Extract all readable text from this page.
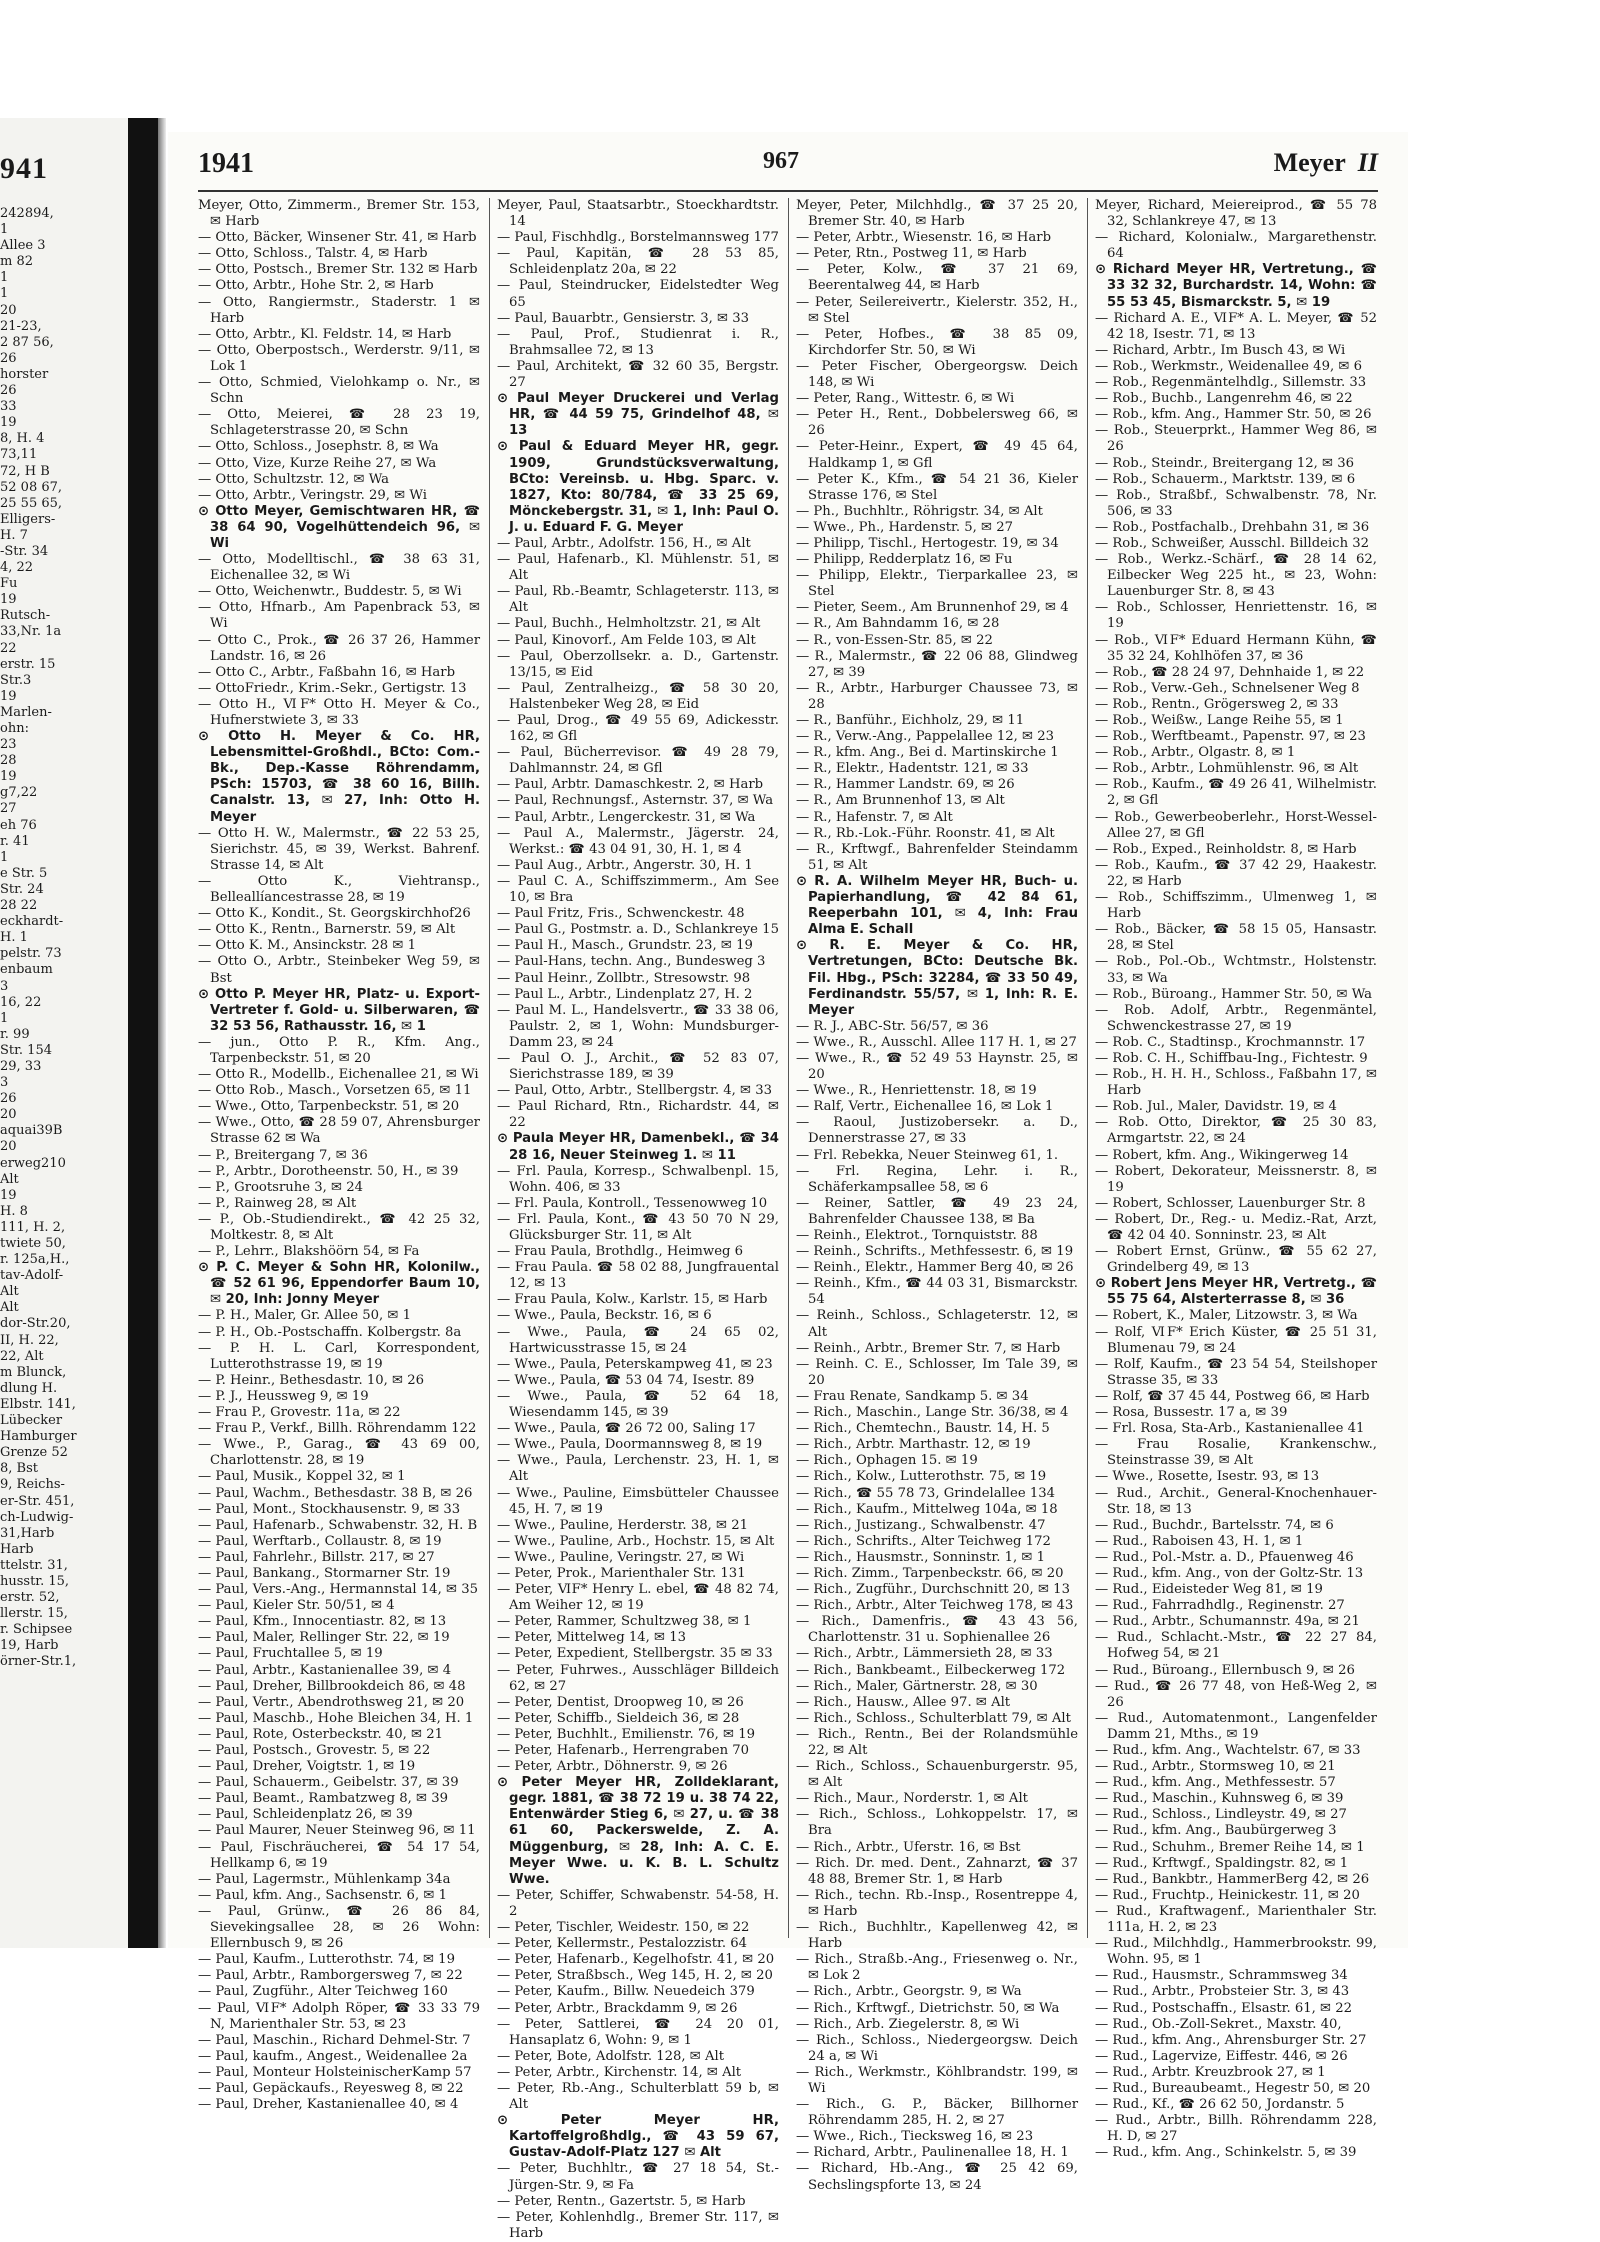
941
242894,
1
Allee 3
m 82
1
1
20
21-23,
2 87 56,
26
horster
26
33
19
8, H. 4
73,11
72, H B
52 08 67,
25 55 65,
Elligers-
H. 7
-Str. 34
4, 22
Fu
19
Rutsch-
33,Nr. 1a
22
erstr. 15
Str.3
19
Marlen-
ohn:
23
28
19
g7,22
27
eh 76
r. 41
1
e Str. 5
Str. 24
28 22
eckhardt-
H. 1
pelstr. 73
enbaum
3
16, 22
1
r. 99
Str. 154
29, 33
3
26
20
aquai39B
20
erweg210
Alt
19
H. 8
111, H. 2,
twiete 50,
r. 125a,H.,
tav-Adolf-
Alt
Alt
dor-Str.20,
II, H. 22,
22, Alt
m Blunck,
dlung H.
Elbstr. 141,
Lübecker
Hamburger
Grenze 52
8, Bst
9, Reichs-
er-Str. 451,
ch-Ludwig-
31,Harb
Harb
ttelstr. 31,
husstr. 15,
erstr. 52,
llerstr. 15,
r. Schipsee
19, Harb
örner-Str.1,
1941	967	Meyer II

Meyer, Otto, Zimmerm., Bremer Str. 153, ✉ Harb

— Otto, Bäcker, Winsener Str. 41, ✉ Harb

— Otto, Schloss., Talstr. 4, ✉ Harb

— Otto, Postsch., Bremer Str. 132 ✉ Harb

— Otto, Arbtr., Hohe Str. 2, ✉ Harb

— Otto, Rangiermstr., Staderstr. 1 ✉ Harb

— Otto, Arbtr., Kl. Feldstr. 14, ✉ Harb

— Otto, Oberpostsch., Werderstr. 9/11, ✉ Lok 1

— Otto, Schmied, Vielohkamp o. Nr., ✉ Schn

— Otto, Meierei, ☎ 28 23 19, Schlageterstrasse 20, ✉ Schn

— Otto, Schloss., Josephstr. 8, ✉ Wa

— Otto, Vize, Kurze Reihe 27, ✉ Wa

— Otto, Schultzstr. 12, ✉ Wa

— Otto, Arbtr., Veringstr. 29, ✉ Wi

⊙ Otto Meyer, Gemischtwaren HR, ☎ 38 64 90, Vogelhüttendeich 96, ✉ Wi

— Otto, Modelltischl., ☎ 38 63 31, Eichenallee 32, ✉ Wi

— Otto, Weichenwtr., Buddestr. 5, ✉ Wi

— Otto, Hfnarb., Am Papenbrack 53, ✉ Wi

— Otto C., Prok., ☎ 26 37 26, Hammer Landstr. 16, ✉ 26

— Otto C., Arbtr., Faßbahn 16, ✉ Harb

— OttoFriedr., Krim.-Sekr., Gertigstr. 13

— Otto H., ⅥF* Otto H. Meyer & Co., Hufnerstwiete 3, ✉ 33

⊙ Otto H. Meyer & Co. HR, Lebensmittel-Großhdl., BCto: Com.-Bk., Dep.-Kasse Röhrendamm, PSch: 15703, ☎ 38 60 16, Billh. Canalstr. 13, ✉ 27, Inh: Otto H. Meyer

— Otto H. W., Malermstr., ☎ 22 53 25, Sierichstr. 45, ✉ 39, Werkst. Bahrenf. Strasse 14, ✉ Alt

— Otto K., Viehtransp., Belleallíancestrasse 28, ✉ 19

— Otto K., Kondit., St. Georgskirchhof26

— Otto K., Rentn., Barnerstr. 59, ✉ Alt

— Otto K. M., Ansinckstr. 28 ✉ 1

— Otto O., Arbtr., Steinbeker Weg 59, ✉ Bst

⊙ Otto P. Meyer HR, Platz- u. Export-Vertreter f. Gold- u. Silberwaren, ☎ 32 53 56, Rathausstr. 16, ✉ 1

— jun., Otto P. R., Kfm. Ang., Tarpenbeckstr. 51, ✉ 20

— Otto R., Modellb., Eichenallee 21, ✉ Wi

— Otto Rob., Masch., Vorsetzen 65, ✉ 11

— Wwe., Otto, Tarpenbeckstr. 51, ✉ 20

— Wwe., Otto, ☎ 28 59 07, Ahrensburger Strasse 62 ✉ Wa

— P., Breitergang 7, ✉ 36

— P., Arbtr., Dorotheenstr. 50, H., ✉ 39

— P., Grootsruhe 3, ✉ 24

— P., Rainweg 28, ✉ Alt

— P., Ob.-Studiendirekt., ☎ 42 25 32, Moltkestr. 8, ✉ Alt

— P., Lehrr., Blakshöörn 54, ✉ Fa

⊙ P. C. Meyer & Sohn HR, Kolonilw., ☎ 52 61 96, Eppendorfer Baum 10, ✉ 20, Inh: Jonny Meyer

— P. H., Maler, Gr. Allee 50, ✉ 1

— P. H., Ob.-Postschaffn. Kolbergstr. 8a

— P. H. L. Carl, Korrespondent, Lutterothstrasse 19, ✉ 19

— P. Heinr., Bethesdastr. 10, ✉ 26

— P. J., Heussweg 9, ✉ 19

— Frau P., Grovestr. 11a, ✉ 22

— Frau P., Verkf., Billh. Röhrendamm 122

— Wwe., P., Garag., ☎ 43 69 00, Charlottenstr. 28, ✉ 19

— Paul, Musik., Koppel 32, ✉ 1

— Paul, Wachm., Bethesdastr. 38 B, ✉ 26

— Paul, Mont., Stockhausenstr. 9, ✉ 33

— Paul, Hafenarb., Schwabenstr. 32, H. B

— Paul, Werftarb., Collaustr. 8, ✉ 19

— Paul, Fahrlehr., Billstr. 217, ✉ 27

— Paul, Bankang., Stormarner Str. 19

— Paul, Vers.-Ang., Hermannstal 14, ✉ 35

— Paul, Kieler Str. 50/51, ✉ 4

— Paul, Kfm., Innocentiastr. 82, ✉ 13

— Paul, Maler, Rellinger Str. 22, ✉ 19

— Paul, Fruchtallee 5, ✉ 19

— Paul, Arbtr., Kastanienallee 39, ✉ 4

— Paul, Dreher, Billbrookdeich 86, ✉ 48

— Paul, Vertr., Abendrothsweg 21, ✉ 20

— Paul, Maschb., Hohe Bleichen 34, H. 1

— Paul, Rote, Osterbeckstr. 40, ✉ 21

— Paul, Postsch., Grovestr. 5, ✉ 22

— Paul, Dreher, Voigtstr. 1, ✉ 19

— Paul, Schauerm., Geibelstr. 37, ✉ 39

— Paul, Beamt., Rambatzweg 8, ✉ 39

— Paul, Schleidenplatz 26, ✉ 39

— Paul Maurer, Neuer Steinweg 96, ✉ 11

— Paul, Fischräucherei, ☎ 54 17 54, Hellkamp 6, ✉ 19

— Paul, Lagermstr., Mühlenkamp 34a

— Paul, kfm. Ang., Sachsenstr. 6, ✉ 1

— Paul, Grünw., ☎ 26 86 84, Sievekingsallee 28, ✉ 26 Wohn: Ellernbusch 9, ✉ 26

— Paul, Kaufm., Lutterothstr. 74, ✉ 19

— Paul, Arbtr., Ramborgersweg 7, ✉ 22

— Paul, Zugführ., Alter Teichweg 160

— Paul, ⅥF* Adolph Röper, ☎ 33 33 79 N, Marienthaler Str. 53, ✉ 23

— Paul, Maschin., Richard Dehmel-Str. 7

— Paul, kaufm., Angest., Weidenallee 2a

— Paul, Monteur HolsteinischerKamp 57

— Paul, Gepäckaufs., Reyesweg 8, ✉ 22

— Paul, Dreher, Kastanienallee 40, ✉ 4

Meyer, Paul, Staatsarbtr., Stoeckhardtstr. 14

— Paul, Fischhdlg., Borstelmannsweg 177

— Paul, Kapitän, ☎ 28 53 85, Schleidenplatz 20a, ✉ 22

— Paul, Steindrucker, Eidelstedter Weg 65

— Paul, Bauarbtr., Gensierstr. 3, ✉ 33

— Paul, Prof., Studienrat i. R., Brahmsallee 72, ✉ 13

— Paul, Architekt, ☎ 32 60 35, Bergstr. 27

⊙ Paul Meyer Druckerei und Verlag HR, ☎ 44 59 75, Grindelhof 48, ✉ 13

⊙ Paul & Eduard Meyer HR, gegr. 1909, Grundstücksverwaltung, BCto: Vereinsb. u. Hbg. Sparc. v. 1827, Kto: 80/784, ☎ 33 25 69, Mönckebergstr. 31, ✉ 1, Inh: Paul O. J. u. Eduard F. G. Meyer

— Paul, Arbtr., Adolfstr. 156, H., ✉ Alt

— Paul, Hafenarb., Kl. Mühlenstr. 51, ✉ Alt

— Paul, Rb.-Beamtr, Schlageterstr. 113, ✉ Alt

— Paul, Buchh., Helmholtzstr. 21, ✉ Alt

— Paul, Kinovorf., Am Felde 103, ✉ Alt

— Paul, Oberzollsekr. a. D., Gartenstr. 13/15, ✉ Eid

— Paul, Zentralheizg., ☎ 58 30 20, Halstenbeker Weg 28, ✉ Eid

— Paul, Drog., ☎ 49 55 69, Adickesstr. 162, ✉ Gfl

— Paul, Bücherrevisor. ☎ 49 28 79, Dahlmannstr. 24, ✉ Gfl

— Paul, Arbtr. Damaschkestr. 2, ✉ Harb

— Paul, Rechnungsf., Asternstr. 37, ✉ Wa

— Paul, Arbtr., Lengerckestr. 31, ✉ Wa

— Paul A., Malermstr., Jägerstr. 24, Werkst.: ☎ 43 04 91, 30, H. 1, ✉ 4

— Paul Aug., Arbtr., Angerstr. 30, H. 1

— Paul C. A., Schiffszimmerm., Am See 10, ✉ Bra

— Paul Fritz, Fris., Schwenckestr. 48

— Paul G., Postmstr. a. D., Schlankreye 15

— Paul H., Masch., Grundstr. 23, ✉ 19

— Paul-Hans, techn. Ang., Bundesweg 3

— Paul Heinr., Zollbtr., Stresowstr. 98

— Paul L., Arbtr., Lindenplatz 27, H. 2

— Paul M. L., Handelsvertr., ☎ 33 38 06, Paulstr. 2, ✉ 1, Wohn: Mundsburger-Damm 23, ✉ 24

— Paul O. J., Archit., ☎ 52 83 07, Sierichstrasse 189, ✉ 39

— Paul, Otto, Arbtr., Stellbergstr. 4, ✉ 33

— Paul Richard, Rtn., Richardstr. 44, ✉ 22

⊙ Paula Meyer HR, Damenbekl., ☎ 34 28 16, Neuer Steinweg 1. ✉ 11

— Frl. Paula, Korresp., Schwalbenpl. 15, Wohn. 406, ✉ 33

— Frl. Paula, Kontroll., Tessenowweg 10

— Frl. Paula, Kont., ☎ 43 50 70 N 29, Glücksburger Str. 11, ✉ Alt

— Frau Paula, Brothdlg., Heimweg 6

— Frau Paula. ☎ 58 02 88, Jungfrauental 12, ✉ 13

— Frau Paula, Kolw., Karlstr. 15, ✉ Harb

— Wwe., Paula, Beckstr. 16, ✉ 6

— Wwe., Paula, ☎ 24 65 02, Hartwicusstrasse 15, ✉ 24

— Wwe., Paula, Peterskampweg 41, ✉ 23

— Wwe., Paula, ☎ 53 04 74, Isestr. 89

— Wwe., Paula, ☎ 52 64 18, Wiesendamm 145, ✉ 39

— Wwe., Paula, ☎ 26 72 00, Saling 17

— Wwe., Paula, Doormannsweg 8, ✉ 19

— Wwe., Paula, Lerchenstr. 23, H. 1, ✉ Alt

— Wwe., Pauline, Eimsbütteler Chaussee 45, H. 7, ✉ 19

— Wwe., Pauline, Herderstr. 38, ✉ 21

— Wwe., Pauline, Arb., Hochstr. 15, ✉ Alt

— Wwe., Pauline, Veringstr. 27, ✉ Wi

— Peter, Prok., Marienthaler Str. 131

— Peter, ⅥF* Henry L. ebel, ☎ 48 82 74, Am Weiher 12, ✉ 19

— Peter, Rammer, Schultzweg 38, ✉ 1

— Peter, Mittelweg 14, ✉ 13

— Peter, Expedient, Stellbergstr. 35 ✉ 33

— Peter, Fuhrwes., Ausschläger Billdeich 62, ✉ 27

— Peter, Dentist, Droopweg 10, ✉ 26

— Peter, Schiffb., Sieldeich 36, ✉ 28

— Peter, Buchhlt., Emilienstr. 76, ✉ 19

— Peter, Hafenarb., Herrengraben 70

— Peter, Arbtr., Döhnerstr. 9, ✉ 26

⊙ Peter Meyer HR, Zolldeklarant, gegr. 1881, ☎ 38 72 19 u. 38 74 22, Entenwärder Stieg 6, ✉ 27, u. ☎ 38 61 60, Packerswelde, Z. A. Müggenburg, ✉ 28, Inh: A. C. E. Meyer Wwe. u. K. B. L. Schultz Wwe.

— Peter, Schiffer, Schwabenstr. 54-58, H. 2

— Peter, Tischler, Weidestr. 150, ✉ 22

— Peter, Kellermstr., Pestalozzistr. 64

— Peter, Hafenarb., Kegelhofstr. 41, ✉ 20

— Peter, Straßbsch., Weg 145, H. 2, ✉ 20

— Peter, Kaufm., Billw. Neuedeich 379

— Peter, Arbtr., Brackdamm 9, ✉ 26

— Peter, Sattlerei, ☎ 24 20 01, Hansaplatz 6, Wohn: 9, ✉ 1

— Peter, Bote, Adolfstr. 128, ✉ Alt

— Peter, Arbtr., Kirchenstr. 14, ✉ Alt

— Peter, Rb.-Ang., Schulterblatt 59 b, ✉ Alt

⊙ Peter Meyer HR, Kartoffelgroßhdlg., ☎ 43 59 67, Gustav-Adolf-Platz 127 ✉ Alt

— Peter, Buchhltr., ☎ 27 18 54, St.-Jürgen-Str. 9, ✉ Fa

— Peter, Rentn., Gazertstr. 5, ✉ Harb

— Peter, Kohlenhdlg., Bremer Str. 117, ✉ Harb

Meyer, Peter, Milchhdlg., ☎ 37 25 20, Bremer Str. 40, ✉ Harb

— Peter, Arbtr., Wiesenstr. 16, ✉ Harb

— Peter, Rtn., Postweg 11, ✉ Harb

— Peter, Kolw., ☎ 37 21 69, Beerentalweg 44, ✉ Harb

— Peter, Seilereivertr., Kielerstr. 352, H., ✉ Stel

— Peter, Hofbes., ☎ 38 85 09, Kirchdorfer Str. 50, ✉ Wi

— Peter Fischer, Obergeorgsw. Deich 148, ✉ Wi

— Peter, Rang., Wittestr. 6, ✉ Wi

— Peter H., Rent., Dobbelersweg 66, ✉ 26

— Peter-Heinr., Expert, ☎ 49 45 64, Haldkamp 1, ✉ Gfl

— Peter K., Kfm., ☎ 54 21 36, Kieler Strasse 176, ✉ Stel

— Ph., Buchhltr., Röhrigstr. 34, ✉ Alt

— Wwe., Ph., Hardenstr. 5, ✉ 27

— Philipp, Tischl., Hertogestr. 19, ✉ 34

— Philipp, Redderplatz 16, ✉ Fu

— Philipp, Elektr., Tierparkallee 23, ✉ Stel

— Pieter, Seem., Am Brunnenhof 29, ✉ 4

— R., Am Bahndamm 16, ✉ 28

— R., von-Essen-Str. 85, ✉ 22

— R., Malermstr., ☎ 22 06 88, Glindweg 27, ✉ 39

— R., Arbtr., Harburger Chaussee 73, ✉ 28

— R., Banführ., Eichholz, 29, ✉ 11

— R., Verw.-Ang., Pappelallee 12, ✉ 23

— R., kfm. Ang., Bei d. Martinskirche 1

— R., Elektr., Hadentstr. 121, ✉ 33

— R., Hammer Landstr. 69, ✉ 26

— R., Am Brunnenhof 13, ✉ Alt

— R., Hafenstr. 7, ✉ Alt

— R., Rb.-Lok.-Führ. Roonstr. 41, ✉ Alt

— R., Krftwgf., Bahrenfelder Steindamm 51, ✉ Alt

⊙ R. A. Wilhelm Meyer HR, Buch- u. Papierhandlung, ☎ 42 84 61, Reeperbahn 101, ✉ 4, Inh: Frau Alma E. Schall

⊙ R. E. Meyer & Co. HR, Vertretungen, BCto: Deutsche Bk. Fil. Hbg., PSch: 32284, ☎ 33 50 49, Ferdinandstr. 55/57, ✉ 1, Inh: R. E. Meyer

— R. J., ABC-Str. 56/57, ✉ 36

— Wwe., R., Ausschl. Allee 117 H. 1, ✉ 27

— Wwe., R., ☎ 52 49 53 Haynstr. 25, ✉ 20

— Wwe., R., Henriettenstr. 18, ✉ 19

— Ralf, Vertr., Eichenallee 16, ✉ Lok 1

— Raoul, Justizobersekr. a. D., Dennerstrasse 27, ✉ 33

— Frl. Rebekka, Neuer Steinweg 61, 1.

— Frl. Regina, Lehr. i. R., Schäferkampsallee 58, ✉ 6

— Reiner, Sattler, ☎ 49 23 24, Bahrenfelder Chaussee 138, ✉ Ba

— Reinh., Elektrot., Tornquiststr. 88

— Reinh., Schrifts., Methfessestr. 6, ✉ 19

— Reinh., Elektr., Hammer Berg 40, ✉ 26

— Reinh., Kfm., ☎ 44 03 31, Bismarckstr. 54

— Reinh., Schloss., Schlageterstr. 12, ✉ Alt

— Reinh., Arbtr., Bremer Str. 7, ✉ Harb

— Reinh. C. E., Schlosser, Im Tale 39, ✉ 20

— Frau Renate, Sandkamp 5. ✉ 34

— Rich., Maschin., Lange Str. 36/38, ✉ 4

— Rich., Chemtechn., Baustr. 14, H. 5

— Rich., Arbtr. Marthastr. 12, ✉ 19

— Rich., Ophagen 15. ✉ 19

— Rich., Kolw., Lutterothstr. 75, ✉ 19

— Rich., ☎ 55 78 73, Grindelallee 134

— Rich., Kaufm., Mittelweg 104a, ✉ 18

— Rich., Justizang., Schwalbenstr. 47

— Rich., Schrifts., Alter Teichweg 172

— Rich., Hausmstr., Sonninstr. 1, ✉ 1

— Rich. Zimm., Tarpenbeckstr. 66, ✉ 20

— Rich., Zugführ., Durchschnitt 20, ✉ 13

— Rich., Arbtr., Alter Teichweg 178, ✉ 43

— Rich., Damenfris., ☎ 43 43 56, Charlottenstr. 31 u. Sophienallee 26

— Rich., Arbtr., Lämmersieth 28, ✉ 33

— Rich., Bankbeamt., Eilbeckerweg 172

— Rich., Maler, Gärtnerstr. 28, ✉ 30

— Rich., Hausw., Allee 97. ✉ Alt

— Rich., Schloss., Schulterblatt 79, ✉ Alt

— Rich., Rentn., Bei der Rolandsmühle 22, ✉ Alt

— Rich., Schloss., Schauenburgerstr. 95, ✉ Alt

— Rich., Maur., Norderstr. 1, ✉ Alt

— Rich., Schloss., Lohkoppelstr. 17, ✉ Bra

— Rich., Arbtr., Uferstr. 16, ✉ Bst

— Rich. Dr. med. Dent., Zahnarzt, ☎ 37 48 88, Bremer Str. 1, ✉ Harb

— Rich., techn. Rb.-Insp., Rosentreppe 4, ✉ Harb

— Rich., Buchhltr., Kapellenweg 42, ✉ Harb

— Rich., Straßb.-Ang., Friesenweg o. Nr., ✉ Lok 2

— Rich., Arbtr., Georgstr. 9, ✉ Wa

— Rich., Krftwgf., Dietrichstr. 50, ✉ Wa

— Rich., Arb. Ziegelerstr. 8, ✉ Wi

— Rich., Schloss., Niedergeorgsw. Deich 24 a, ✉ Wi

— Rich., Werkmstr., Köhlbrandstr. 199, ✉ Wi

— Rich., G. P., Bäcker, Billhorner Röhrendamm 285, H. 2, ✉ 27

— Wwe., Rich., Tiecksweg 16, ✉ 23

— Richard, Arbtr., Paulinenallee 18, H. 1

— Richard, Hb.-Ang., ☎ 25 42 69, Sechslingspforte 13, ✉ 24

Meyer, Richard, Meiereiprod., ☎ 55 78 32, Schlankreye 47, ✉ 13

— Richard, Kolonialw., Margarethenstr. 64

⊙ Richard Meyer HR, Vertretung., ☎ 33 32 32, Burchardstr. 14, Wohn: ☎ 55 53 45, Bismarckstr. 5, ✉ 19

— Richard A. E., ⅥF* A. L. Meyer, ☎ 52 42 18, Isestr. 71, ✉ 13

— Richard, Arbtr., Im Busch 43, ✉ Wi

— Rob., Werkmstr., Weidenallee 49, ✉ 6

— Rob., Regenmäntelhdlg., Sillemstr. 33

— Rob., Buchb., Langenrehm 46, ✉ 22

— Rob., kfm. Ang., Hammer Str. 50, ✉ 26

— Rob., Steuerprkt., Hammer Weg 86, ✉ 26

— Rob., Steindr., Breitergang 12, ✉ 36

— Rob., Schauerm., Marktstr. 139, ✉ 6

— Rob., Straßbf., Schwalbenstr. 78, Nr. 506, ✉ 33

— Rob., Postfachalb., Drehbahn 31, ✉ 36

— Rob., Schweißer, Ausschl. Billdeich 32

— Rob., Werkz.-Schärf., ☎ 28 14 62, Eilbecker Weg 225 ht., ✉ 23, Wohn: Lauenburger Str. 8, ✉ 43

— Rob., Schlosser, Henriettenstr. 16, ✉ 19

— Rob., ⅥF* Eduard Hermann Kühn, ☎ 35 32 24, Kohlhöfen 37, ✉ 36

— Rob., ☎ 28 24 97, Dehnhaide 1, ✉ 22

— Rob., Verw.-Geh., Schnelsener Weg 8

— Rob., Rentn., Grögersweg 2, ✉ 33

— Rob., Weißw., Lange Reihe 55, ✉ 1

— Rob., Werftbeamt., Papenstr. 97, ✉ 23

— Rob., Arbtr., Olgastr. 8, ✉ 1

— Rob., Arbtr., Lohmühlenstr. 96, ✉ Alt

— Rob., Kaufm., ☎ 49 26 41, Wilhelmistr. 2, ✉ Gfl

— Rob., Gewerbeoberlehr., Horst-Wessel-Allee 27, ✉ Gfl

— Rob., Exped., Reinholdstr. 8, ✉ Harb

— Rob., Kaufm., ☎ 37 42 29, Haakestr. 22, ✉ Harb

— Rob., Schiffszimm., Ulmenweg 1, ✉ Harb

— Rob., Bäcker, ☎ 58 15 05, Hansastr. 28, ✉ Stel

— Rob., Pol.-Ob., Wchtmstr., Holstenstr. 33, ✉ Wa

— Rob., Büroang., Hammer Str. 50, ✉ Wa

— Rob. Adolf, Arbtr., Regenmäntel, Schwenckestrasse 27, ✉ 19

— Rob. C., Stadtinsp., Krochmannstr. 17

— Rob. C. H., Schiffbau-Ing., Fichtestr. 9

— Rob., H. H. H., Schloss., Faßbahn 17, ✉ Harb

— Rob. Jul., Maler, Davidstr. 19, ✉ 4

— Rob. Otto, Direktor, ☎ 25 30 83, Armgartstr. 22, ✉ 24

— Robert, kfm. Ang., Wikingerweg 14

— Robert, Dekorateur, Meissnerstr. 8, ✉ 19

— Robert, Schlosser, Lauenburger Str. 8

— Robert, Dr., Reg.- u. Mediz.-Rat, Arzt, ☎ 42 04 40. Sonninstr. 23, ✉ Alt

— Robert Ernst, Grünw., ☎ 55 62 27, Grindelberg 49, ✉ 13

⊙ Robert Jens Meyer HR, Vertretg., ☎ 55 75 64, Alsterterrasse 8, ✉ 36

— Robert, K., Maler, Litzowstr. 3, ✉ Wa

— Rolf, ⅥF* Erich Küster, ☎ 25 51 31, Blumenau 79, ✉ 24

— Rolf, Kaufm., ☎ 23 54 54, Steilshoper Strasse 35, ✉ 33

— Rolf, ☎ 37 45 44, Postweg 66, ✉ Harb

— Rosa, Bussestr. 17 a, ✉ 39

— Frl. Rosa, Sta-Arb., Kastanienallee 41

— Frau Rosalie, Krankenschw., Steinstrasse 39, ✉ Alt

— Wwe., Rosette, Isestr. 93, ✉ 13

— Rud., Archit., General-Knochenhauer-Str. 18, ✉ 13

— Rud., Buchdr., Bartelsstr. 74, ✉ 6

— Rud., Raboisen 43, H. 1, ✉ 1

— Rud., Pol.-Mstr. a. D., Pfauenweg 46

— Rud., kfm. Ang., von der Goltz-Str. 13

— Rud., Eideisteder Weg 81, ✉ 19

— Rud., Fahrradhdlg., Reginenstr. 27

— Rud., Arbtr., Schumannstr. 49a, ✉ 21

— Rud., Schlacht.-Mstr., ☎ 22 27 84, Hofweg 54, ✉ 21

— Rud., Büroang., Ellernbusch 9, ✉ 26

— Rud., ☎ 26 77 48, von Heß-Weg 2, ✉ 26

— Rud., Automatenmont., Langenfelder Damm 21, Mths., ✉ 19

— Rud., kfm. Ang., Wachtelstr. 67, ✉ 33

— Rud., Arbtr., Stormsweg 10, ✉ 21

— Rud., kfm. Ang., Methfessestr. 57

— Rud., Maschin., Kuhnsweg 6, ✉ 39

— Rud., Schloss., Lindleystr. 49, ✉ 27

— Rud., kfm. Ang., Baubürgerweg 3

— Rud., Schuhm., Bremer Reihe 14, ✉ 1

— Rud., Krftwgf., Spaldingstr. 82, ✉ 1

— Rud., Bankbtr., HammerBerg 42, ✉ 26

— Rud., Fruchtp., Heinickestr. 11, ✉ 20

— Rud., Kraftwagenf., Marienthaler Str. 111a, H. 2, ✉ 23

— Rud., Milchhdlg., Hammerbrookstr. 99, Wohn. 95, ✉ 1

— Rud., Hausmstr., Schrammsweg 34

— Rud., Arbtr., Probsteier Str. 3, ✉ 43

— Rud., Postschaffn., Elsastr. 61, ✉ 22

— Rud., Ob.-Zoll-Sekret., Maxstr. 40,

— Rud., kfm. Ang., Ahrensburger Str. 27

— Rud., Lagervize, Eiffestr. 446, ✉ 26

— Rud., Arbtr. Kreuzbrook 27, ✉ 1

— Rud., Bureaubeamt., Hegestr 50, ✉ 20

— Rud., Kf., ☎ 26 62 50, Jordanstr. 5

— Rud., Arbtr., Billh. Röhrendamm 228, H. D, ✉ 27

— Rud., kfm. Ang., Schinkelstr. 5, ✉ 39
